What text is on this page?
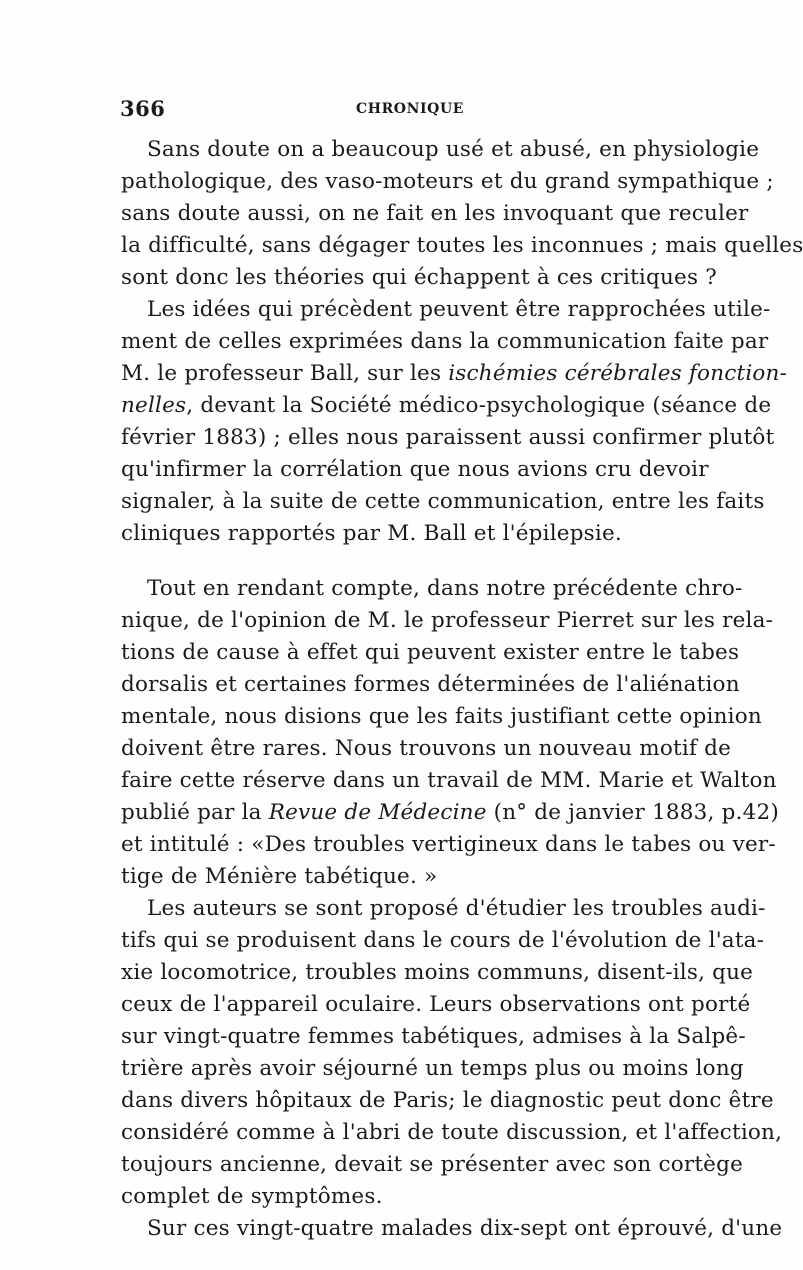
366	CHRONIQUE
Sans doute on a beaucoup usé et abusé, en physiologie
pathologique, des vaso-moteurs et du grand sympathique ;
sans doute aussi, on ne fait en les invoquant que reculer
la difficulté, sans dégager toutes les inconnues ; mais quelles
sont donc les théories qui échappent à ces critiques ?
Les idées qui précèdent peuvent être rapprochées utile-
ment de celles exprimées dans la communication faite par
M. le professeur Ball, sur les ischémies cérébrales fonction-
nelles, devant la Société médico-psychologique (séance de
février 1883) ; elles nous paraissent aussi confirmer plutôt
qu'infirmer la corrélation que nous avions cru devoir
signaler, à la suite de cette communication, entre les faits
cliniques rapportés par M. Ball et l'épilepsie.
Tout en rendant compte, dans notre précédente chro-
nique, de l'opinion de M. le professeur Pierret sur les rela-
tions de cause à effet qui peuvent exister entre le tabes
dorsalis et certaines formes déterminées de l'aliénation
mentale, nous disions que les faits justifiant cette opinion
doivent être rares. Nous trouvons un nouveau motif de
faire cette réserve dans un travail de MM. Marie et Walton
publié par la Revue de Médecine (n° de janvier 1883, p.42)
et intitulé : «Des troubles vertigineux dans le tabes ou ver-
tige de Ménière tabétique. »
Les auteurs se sont proposé d'étudier les troubles audi-
tifs qui se produisent dans le cours de l'évolution de l'ata-
xie locomotrice, troubles moins communs, disent-ils, que
ceux de l'appareil oculaire. Leurs observations ont porté
sur vingt-quatre femmes tabétiques, admises à la Salpê-
trière après avoir séjourné un temps plus ou moins long
dans divers hôpitaux de Paris; le diagnostic peut donc être
considéré comme à l'abri de toute discussion, et l'affection,
toujours ancienne, devait se présenter avec son cortège
complet de symptômes.
Sur ces vingt-quatre malades dix-sept ont éprouvé, d'une
